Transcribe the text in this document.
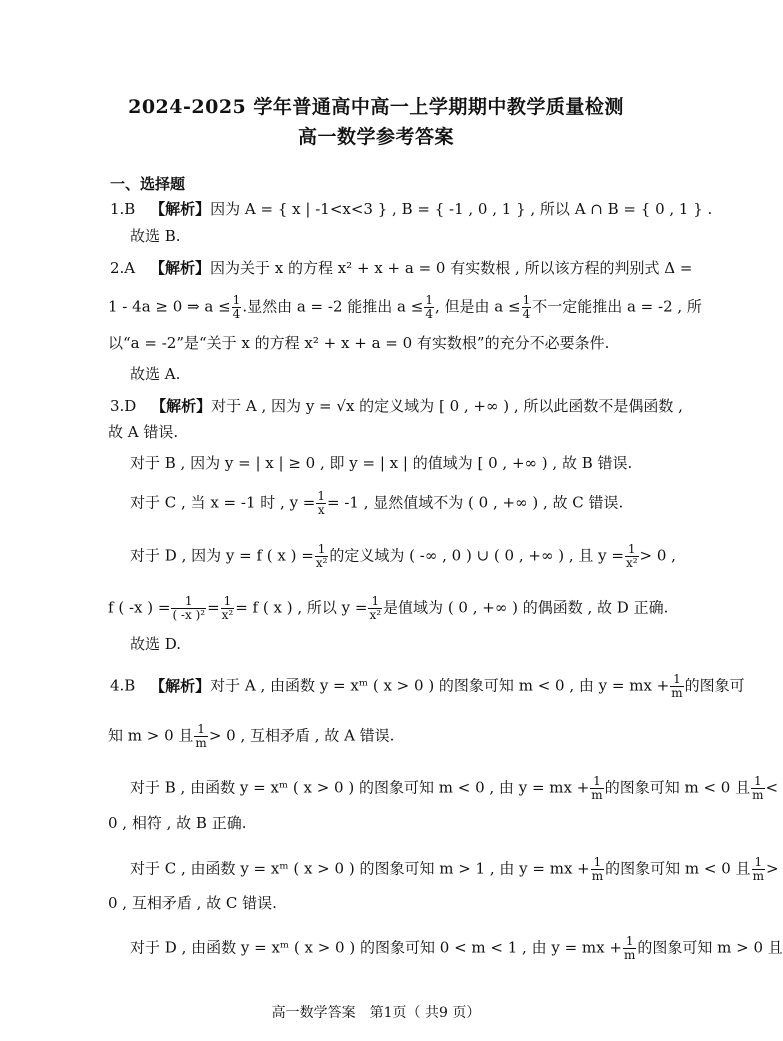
2024-2025 学年普通高中高一上学期期中教学质量检测
高一数学参考答案
一、选择题
1.B 【解析】因为 A = { x | -1<x<3 } , B = { -1 , 0 , 1 } , 所以 A ∩ B = { 0 , 1 } .
故选 B.
2.A 【解析】因为关于 x 的方程 x² + x + a = 0 有实数根 , 所以该方程的判别式 Δ =
1 - 4a ≥ 0 ⇒ $a \le \frac{1}{4}$ .显然由 a = -2 能推出 $a \le \frac{1}{4}$ , 但是由 $a \le \frac{1}{4}$ 不一定能推出 a = -2 , 所
以“a = -2”是“关于 x 的方程 x² + x + a = 0 有实数根”的充分不必要条件.
故选 A.
3.D 【解析】对于 A , 因为 y = √x 的定义域为 [ 0 , +∞ ) , 所以此函数不是偶函数 ,
故 A 错误.
对于 B , 因为 y = | x | ≥ 0 , 即 y = | x | 的值域为 [ 0 , +∞ ) , 故 B 错误.
对于 C , 当 x = -1 时 , $y = \frac{1}{x} = -1$ , 显然值域不为 ( 0 , +∞ ) , 故 C 错误.
对于 D , 因为 y = f ( x ) = $\frac{1}{\text{x²}}$ 的定义域为 ( -∞ , 0 ) ∪ ( 0 , +∞ ) , 且 $y = \frac{1}{\text{x²}} > 0$ ,
f ( -x ) = $\frac{1}{\text{( -x )²}} = \frac{1}{\text{x²}} = f$ ( x ) , 所以 $y = \frac{1}{\text{x²}}$ 是值域为 ( 0 , +∞ ) 的偶函数 , 故 D 正确.
故选 D.
4.B 【解析】对于 A , 由函数 y = xᵐ ( x > 0 ) 的图象可知 m < 0 , 由 y = mx + $\frac{1}{m}$ 的图象可
知 m > 0 且 $\frac{1}{m} > 0$ , 互相矛盾 , 故 A 错误.
对于 B , 由函数 y = xᵐ ( x > 0 ) 的图象可知 m < 0 , 由 y = mx + $\frac{1}{m}$ 的图象可知 m < 0 且 $\frac{1}{m}$ <
0 , 相符 , 故 B 正确.
对于 C , 由函数 y = xᵐ ( x > 0 ) 的图象可知 m > 1 , 由 y = mx + $\frac{1}{m}$ 的图象可知 m < 0 且 $\frac{1}{m}$ >
0 , 互相矛盾 , 故 C 错误.
对于 D , 由函数 y = xᵐ ( x > 0 ) 的图象可知 0 < m < 1 , 由 y = mx + $\frac{1}{m}$ 的图象可知 m > 0 且
高一数学答案　第1页（ 共9 页）
